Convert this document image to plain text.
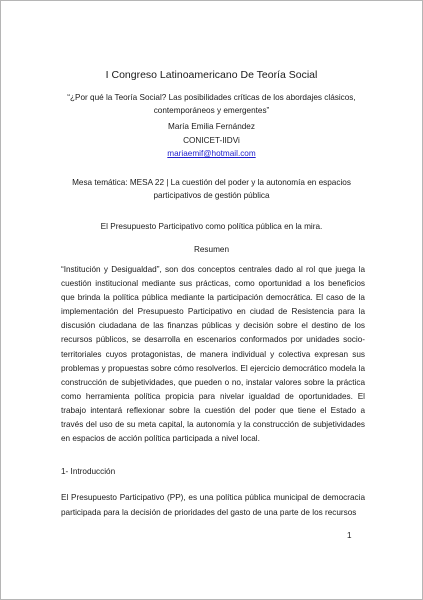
I Congreso Latinoamericano De Teoría Social
“¿Por qué la Teoría Social? Las posibilidades críticas de los abordajes clásicos, contemporáneos y emergentes”
María Emilia Fernández
CONICET-IIDVi
mariaemif@hotmail.com
Mesa temática: MESA 22 | La cuestión del poder y la autonomía en espacios participativos de gestión pública
El Presupuesto Participativo como política pública en la mira.
Resumen
“Institución y Desigualdad”, son dos conceptos centrales dado al rol que juega la cuestión institucional mediante sus prácticas, como oportunidad a los beneficios que brinda la política pública mediante la participación democrática. El caso de la implementación del Presupuesto Participativo en ciudad de Resistencia para la discusión ciudadana de las finanzas públicas y decisión sobre el destino de los recursos públicos, se desarrolla en escenarios conformados por unidades socio-territoriales cuyos protagonistas, de manera individual y colectiva expresan sus problemas y propuestas sobre cómo resolverlos. El ejercicio democrático modela la construcción de subjetividades, que pueden o no, instalar valores sobre la práctica como herramienta política propicia para nivelar igualdad de oportunidades. El trabajo intentará reflexionar sobre la cuestión del poder que tiene el Estado a través del uso de su meta capital, la autonomía y la construcción de subjetividades en espacios de acción política participada a nivel local.
1- Introducción
El Presupuesto Participativo (PP), es una política pública municipal de democracia participada para la decisión de prioridades del gasto de una parte de los recursos
1
